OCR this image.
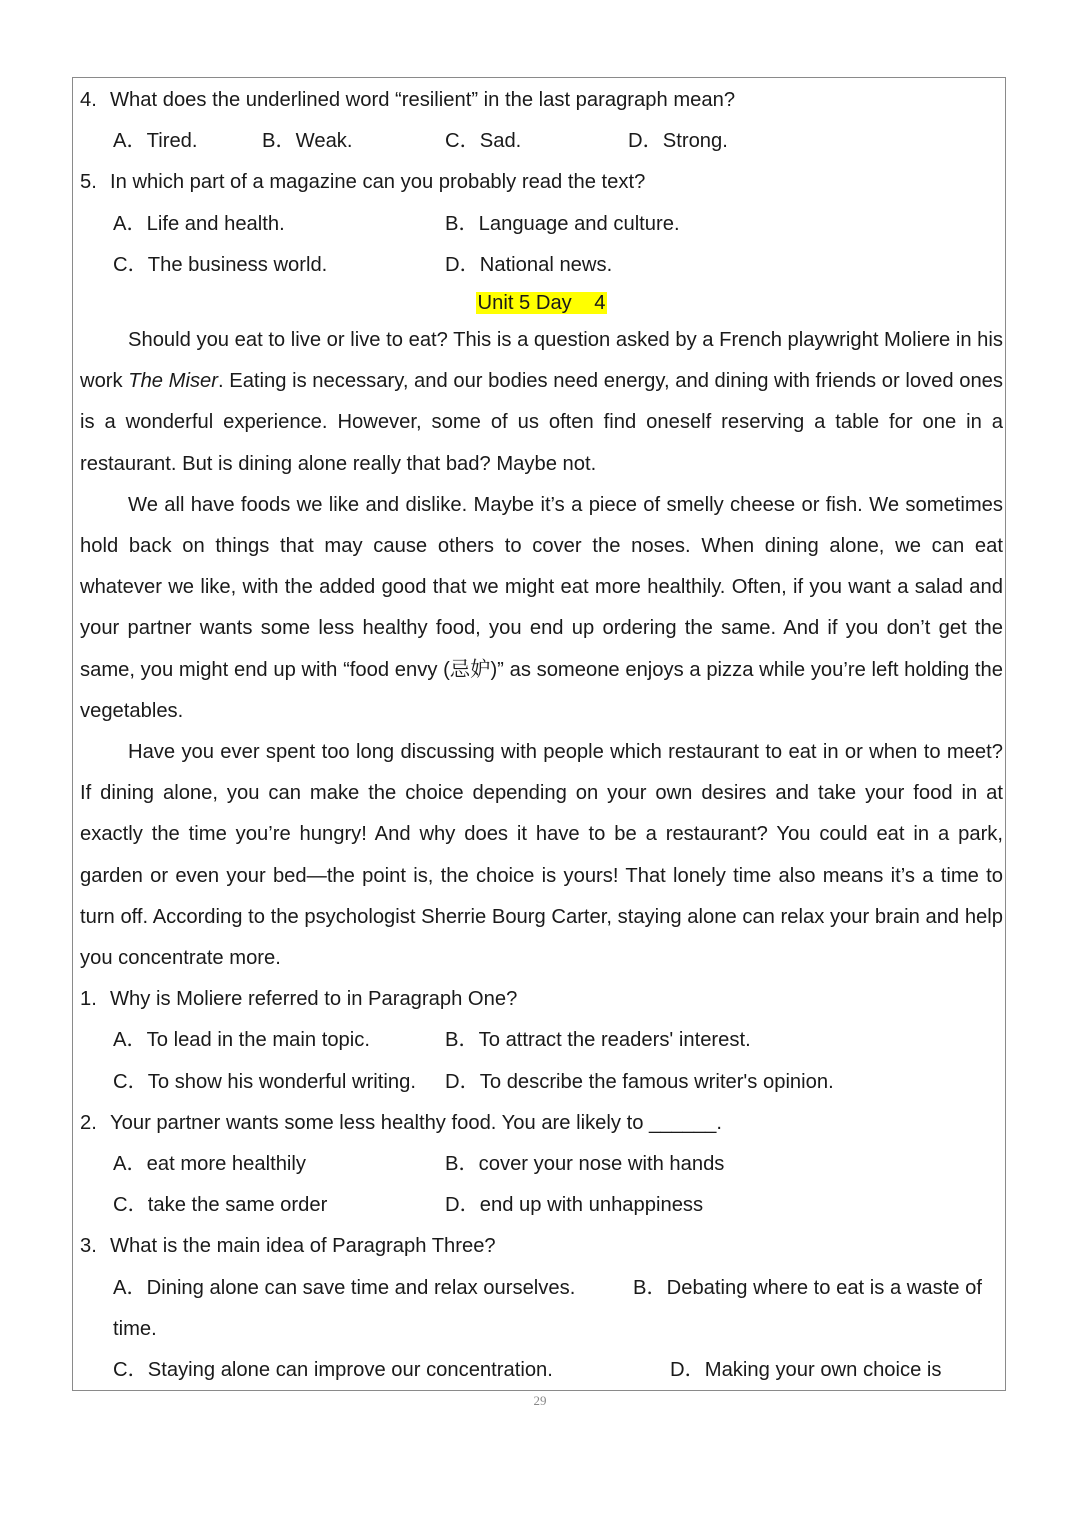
4. What does the underlined word “resilient” in the last paragraph mean?
A．Tired.	B．Weak.	C．Sad.	D．Strong.
5. In which part of a magazine can you probably read the text?
A．Life and health.	B．Language and culture.
C．The business world.	D．National news.
Unit 5 Day    4

Should you eat to live or live to eat? This is a question asked by a French playwright Moliere in his work The Miser. Eating is necessary, and our bodies need energy, and dining with friends or loved ones is a wonderful experience. However, some of us often find oneself reserving a table for one in a restaurant. But is dining alone really that bad? Maybe not.

We all have foods we like and dislike. Maybe it’s a piece of smelly cheese or fish. We sometimes hold back on things that may cause others to cover the noses. When dining alone, we can eat whatever we like, with the added good that we might eat more healthily. Often, if you want a salad and your partner wants some less healthy food, you end up ordering the same. And if you don’t get the same, you might end up with “food envy (忌妒)” as someone enjoys a pizza while you’re left holding the vegetables.

Have you ever spent too long discussing with people which restaurant to eat in or when to meet? If dining alone, you can make the choice depending on your own desires and take your food in at exactly the time you’re hungry! And why does it have to be a restaurant? You could eat in a park, garden or even your bed—the point is, the choice is yours! That lonely time also means it’s a time to turn off. According to the psychologist Sherrie Bourg Carter, staying alone can relax your brain and help you concentrate more.

1. Why is Moliere referred to in Paragraph One?
A．To lead in the main topic.	B．To attract the readers' interest.
C．To show his wonderful writing. D．To describe the famous writer's opinion.
2. Your partner wants some less healthy food. You are likely to ______.
A．eat more healthily	B．cover your nose with hands
C．take the same order	D．end up with unhappiness
3. What is the main idea of Paragraph Three?
A．Dining alone can save time and relax ourselves.	B．Debating where to eat is a waste of
time.
C．Staying alone can improve our concentration.	D．Making your own choice is
29
